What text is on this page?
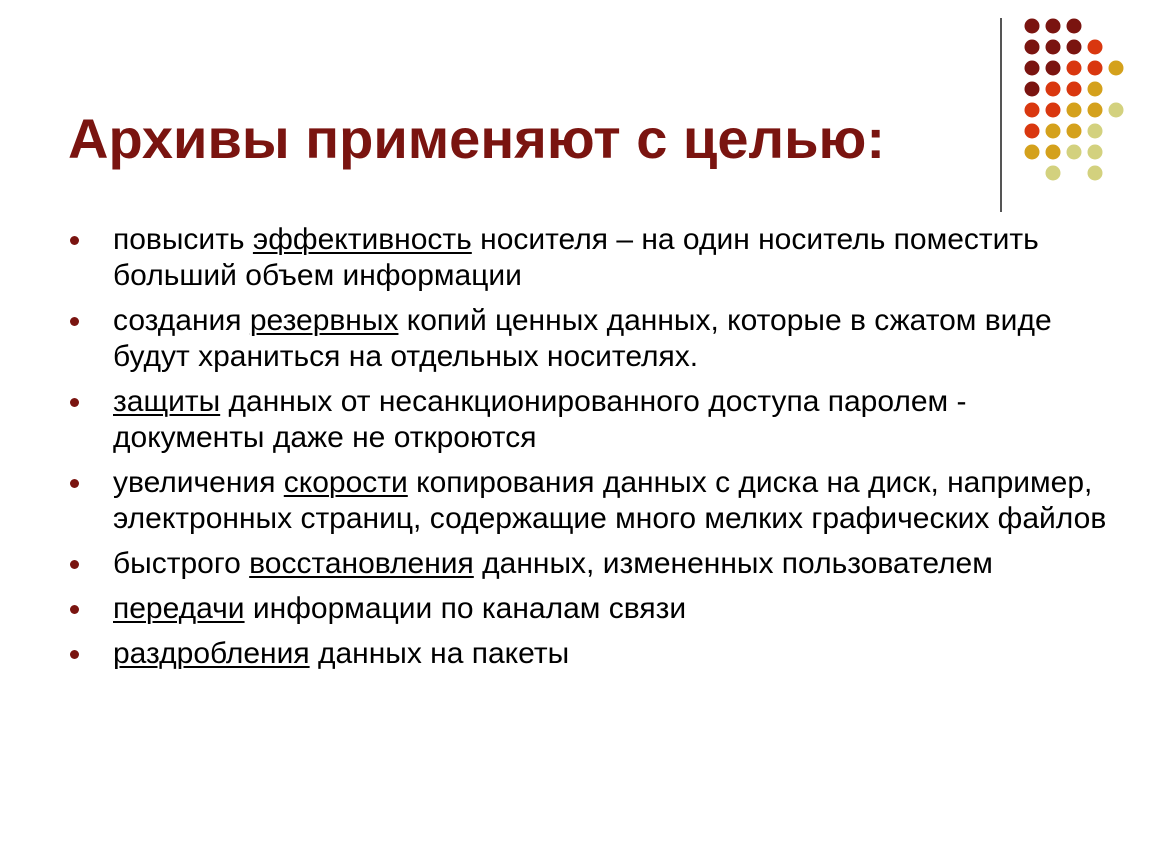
Архивы применяют с целью:
повысить эффективность носителя – на один носитель поместить больший объем информации
создания резервных копий ценных данных, которые в сжатом виде будут храниться на отдельных носителях.
защиты данных от несанкционированного доступа паролем - документы даже не откроются
увеличения скорости копирования данных с диска на диск, например, электронных страниц, содержащие много мелких графических файлов
быстрого восстановления данных, измененных пользователем
передачи информации по каналам связи
раздробления данных на пакеты
